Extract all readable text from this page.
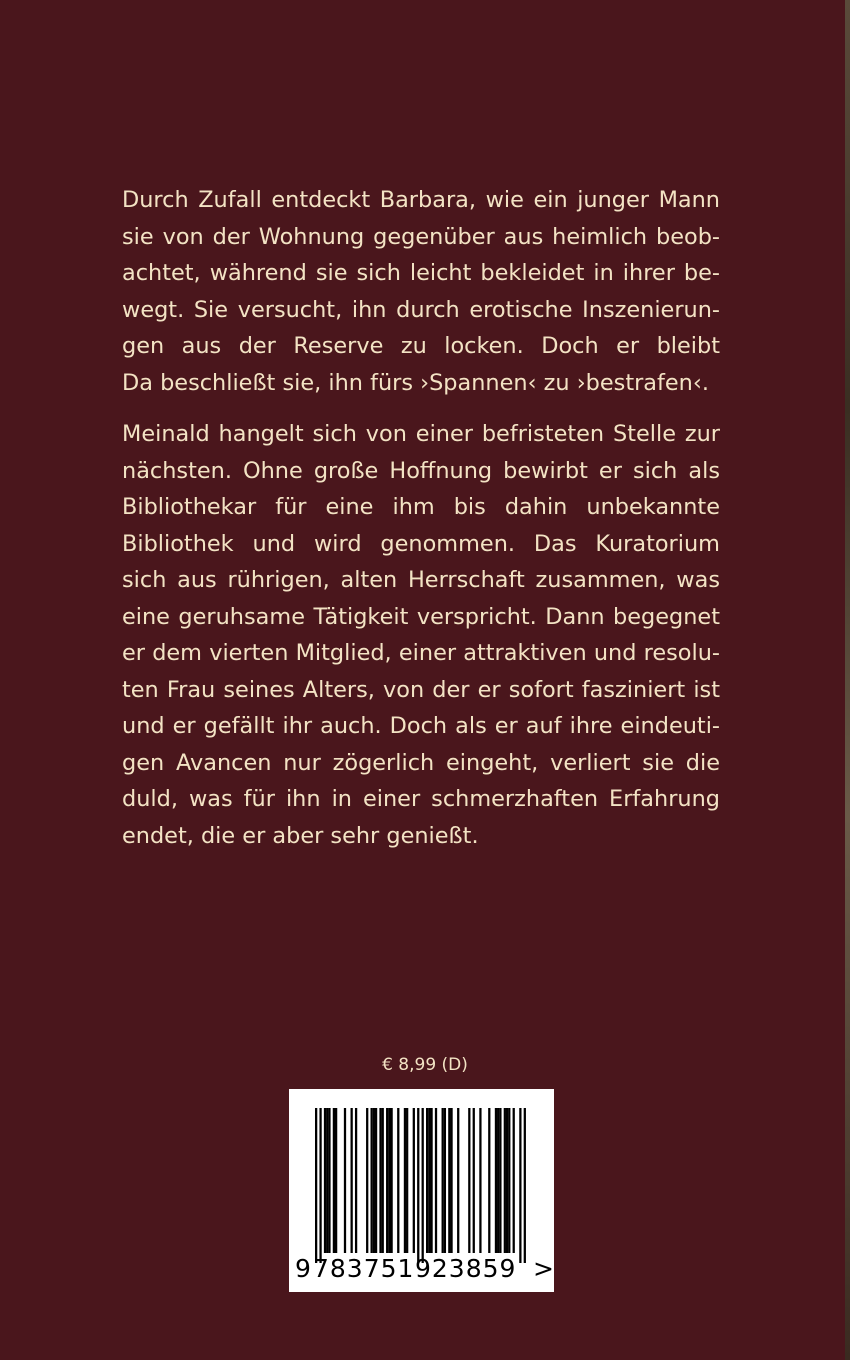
Durch Zufall entdeckt Barbara, wie ein junger Mann
sie von der Wohnung gegenüber aus heimlich beob-
achtet, während sie sich leicht bekleidet in ihrer be-
wegt. Sie versucht, ihn durch erotische Inszenierun-
gen aus der Reserve zu locken. Doch er bleibt
Da beschließt sie, ihn fürs ›Spannen‹ zu ›bestrafen‹.
Meinald hangelt sich von einer befristeten Stelle zur
nächsten. Ohne große Hoffnung bewirbt er sich als
Bibliothekar für eine ihm bis dahin unbekannte
Bibliothek und wird genommen. Das Kuratorium
sich aus rührigen, alten Herrschaft zusammen, was
eine geruhsame Tätigkeit verspricht. Dann begegnet
er dem vierten Mitglied, einer attraktiven und resolu-
ten Frau seines Alters, von der er sofort fasziniert ist
und er gefällt ihr auch. Doch als er auf ihre eindeuti-
gen Avancen nur zögerlich eingeht, verliert sie die
duld, was für ihn in einer schmerzhaften Erfahrung
endet, die er aber sehr genießt.
€ 8,99 (D)
9 783751 923859 >
